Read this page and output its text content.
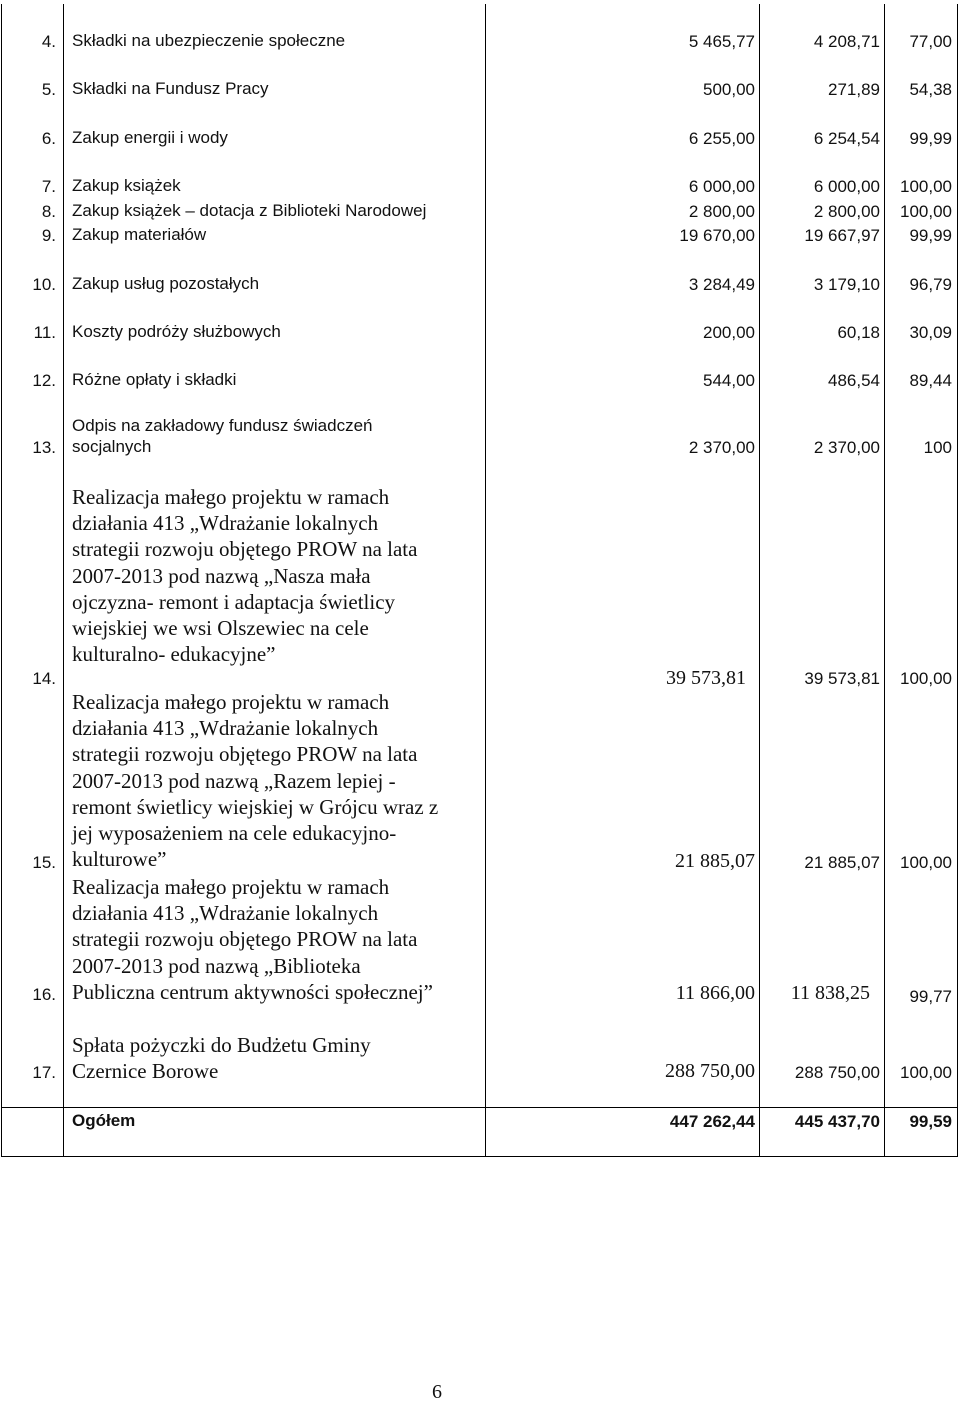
4. Składki na ubezpieczenie społeczne	5 465,77	4 208,71 77,00
5. Składki na Fundusz Pracy	500,00	271,89 54,38
6. Zakup energii i wody	6 255,00	6 254,54 99,99
7. Zakup książek	6 000,00	6 000,00 100,00
8. Zakup książek – dotacja z Biblioteki Narodowej	2 800,00	2 800,00 100,00
9. Zakup materiałów	19 670,00	19 667,97 99,99
10. Zakup usług pozostałych	3 284,49	3 179,10 96,79
11. Koszty podróży służbowych	200,00	60,18 30,09
12. Różne opłaty i składki	544,00	486,54 89,44
Odpis na zakładowy fundusz świadczeń
13. socjalnych	2 370,00	2 370,00	100
Realizacja małego projektu w ramach
działania 413 „Wdrażanie lokalnych
strategii rozwoju objętego PROW na lata
2007-2013 pod nazwą „Nasza mała
ojczyzna- remont i adaptacja świetlicy
wiejskiej we wsi Olszewiec na cele
kulturalno- edukacyjne”
14.	39 573,81	39 573,81 100,00
Realizacja małego projektu w ramach
działania 413 „Wdrażanie lokalnych
strategii rozwoju objętego PROW na lata
2007-2013 pod nazwą „Razem lepiej -
remont świetlicy wiejskiej w Grójcu wraz z
jej wyposażeniem na cele edukacyjno-
kulturowe”
15.	21 885,07	21 885,07 100,00
Realizacja małego projektu w ramach
działania 413 „Wdrażanie lokalnych
strategii rozwoju objętego PROW na lata
2007-2013 pod nazwą „Biblioteka
Publiczna centrum aktywności społecznej”
16.	11 866,00 11 838,25 99,77
Spłata pożyczki do Budżetu Gminy
Czernice Borowe
17.	288 750,00 288 750,00 100,00
Ogółem	447 262,44 445 437,70 99,59
6
